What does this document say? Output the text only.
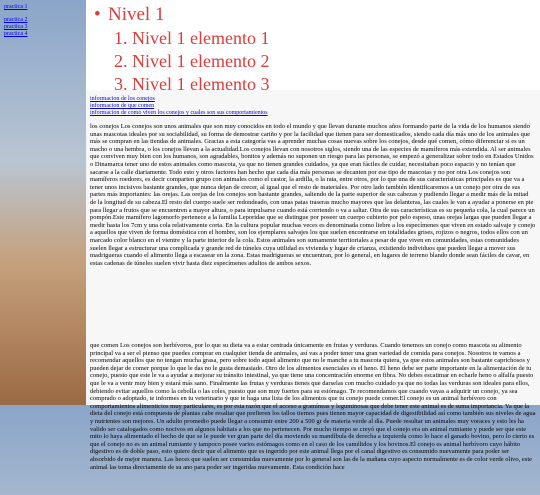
practica 1
practica 2
practica 3
practica 4
• Nivel 1
1. Nivel 1 elemento 1
2. Nivel 1 elemento 2
3. Nivel 1 elemento 3
informacion de los conejos
informacion de que comen
informacion de como viven los conejos y cuales son sus comportamientos
los conejos Los conejos son unos animales que son muy conocidos en todo el mundo y que llevan durante muchos años formando parte de la vida de los humanos siendo unas mascotas ideales por su sociabilidad, su forma de demostrar cariño y por la facilidad que tienen para ser domesticados, siendo cada día más uno de los animales que más se compran en las tiendas de animales. Gracias a esta categoría vas a aprender muchas cosas nuevas sobre los conejos, desde qué comen, cómo diferenciar si es un macho o una hembra, o los conejos llevan a la actualidad.Los conejos llevan con nosotros siglos, siendo una de las especies de mamíferos más extendida. Al ser animales que conviven muy bien con los humanos, son agradables, bonitos y además no suponen un riesgo para las personas, se empezó a generalizar sobre todo en Estados Unidos o Dinamarca tener uno de estos animales como mascota, ya que no tienen grandes cuidados, ya que eran fáciles de cuidar, necesitaban poco espacio y no tenían que sacarse a la calle diariamente. Todo esto y otros factores han hecho que cada día más personas se decanten por ese tipo de mascotas y no por otra Los conejos son mamíferos roedores, es decir comparten grupo con animales como el castor, la ardilla, o la rata, entre otros, por lo que una de sus características principales es que va a tener unos incisivos bastante grandes, que nunca dejan de crecer, al igual que el resto de materiales. Por otro lado también identificaremos a un conejo por otra de sus partes más importantes: las orejas. Las orejas de los conejos son bastante grandes, saliendo de la parte superior de sus cabezas y pudiendo llegar a medir más de la mitad de la longitud de su cabeza.El resto del cuerpo suele ser redondeado, con unas patas traseras mucho mayores que las delanteras, las cuales le van a ayudar a ponerse en pie para llegar a frutos que se encuentren a mayor altura, o para impulsarse cuando está corriendo o va a saltar. Otra de sus características es su pequeña cola, la cual parece un pompón.Este mamífero lagomorfo pertenece a la familia Leporidae que se distingue por poseer un cuerpo cubierto por pelo espeso, unas orejas largas que pueden llegar a medir hasta los 7cm y una cola relativamente corta. En la cultura popular muchas veces es denominada como liebre a los especímenes que viven en estado salvaje y conejo a aquellos que viven de forma doméstica con el hombre, son los ejemplares salvajes los que suelen encontrarse en totalidades grises, rojizos o negros, todos ellos con un marcado color blanco en el vientre y la parte interior de la cola. Estos animales son sumamente territoriales a pesar de que viven en comunidades, estas comunidades suelen llegar a estructurar una complicada y grande red de túneles cuya utilidad es vivienda y lugar de crianza, existiendo individuos que pueden llegar a mover sus madrigueras cuando el alimento llega a escasear en la zona. Estas madrigueras se encuentran, por lo general, en lugares de terreno blando donde sean fáciles de cavar, en estas cadenas de túneles suelen vivir hasta diez especímenes adultos de ambos sexos.
que comen Los conejos son herbívoros, por lo que su dieta va a estar centrada únicamente en frutas y verduras. Cuando tenemos un conejo como mascota su alimento principal va a ser el pienso que puedes comprar en cualquier tienda de animales, así vas a poder tener una gran variedad de comida para conejos. Nosotros te vamos a recomendar aquellos que no tengan mucha grasa, pero sobre todo aquel alimento que no le manche a tu mascota quiera, ya que estos animales son bastante caprichosos y pueden dejar de comer porque lo que le das no le gusta demasiado. Otro de los alimentos esenciales es el heno. El heno debe ser parte importante en la alimentación de tu conejo, puesto que este le va a ayudar a mejorar su tránsito intestinal, ya que tiene una concentración enorme en fibra. No debes escatimar en echarle heno o alfalfa puesto que le va a venir muy bien y estará más sano. Finalmente las frutas y verduras tienes que darselas con mucho cuidado ya que no todas las verduras son ideales para ellos, debiendo evitar aquellos como la cebolla o las coles, puesto que son muy fuertes para su estómago. Te recomendamos que cuando vayas a adquirir un conejo, ya sea comprado o adoptado, te informes en tu veterinario y que te haga una lista de los alimentos que tu conejo puede comer.El conejo es un animal herbívoro con comportamientos alimenticios muy particulares, es por esta razón que el acceso a gramíneas y leguminosas que debe tener este animal es de suma importancia. Ya que la dieta del conejo está compuesta de plantas cabe resaltar que prefieren los tallos tiernos pues tienen mayor capacidad de digestibilidad así como también sus niveles de agua y nutrientes son mejores. Un adulto promedio puede llegar a consumir entre 200 a 500 gr de materia verde al día. Puede resultar un animales muy voraces y esto les ha valido ser catalogados como nocivos en algunos hábitats a los que no pertenecen. Por mucho tiempo se creyó que el conejo era un animal rumiante y puede ser que este mito lo haya alimentado el hecho de que se le puede ver gran parte del día moviendo su mandíbula de derecha a izquierda como lo hace el ganado bovino, pero lo cierto es que el conejo no es un animal rumiante y tampoco posee varios estómagos como en el caso de los camélidos y los bovinos.El conejo es animal herbívoro cuyo hábito digestivo es de doble paso, esto quiere decir que el alimento que es ingerido por este animal llega por el canal digestivo es consumido nuevamente para poder ser absorbido de mejor manera. Las heces que suelen ser consumidas nuevamente por lo general son las de la mañana cuyo aspecto normalmente es de color verde olivo, este animal las toma directamente de su ano para poder ser ingeridas nuevamente. Esta condición hace
